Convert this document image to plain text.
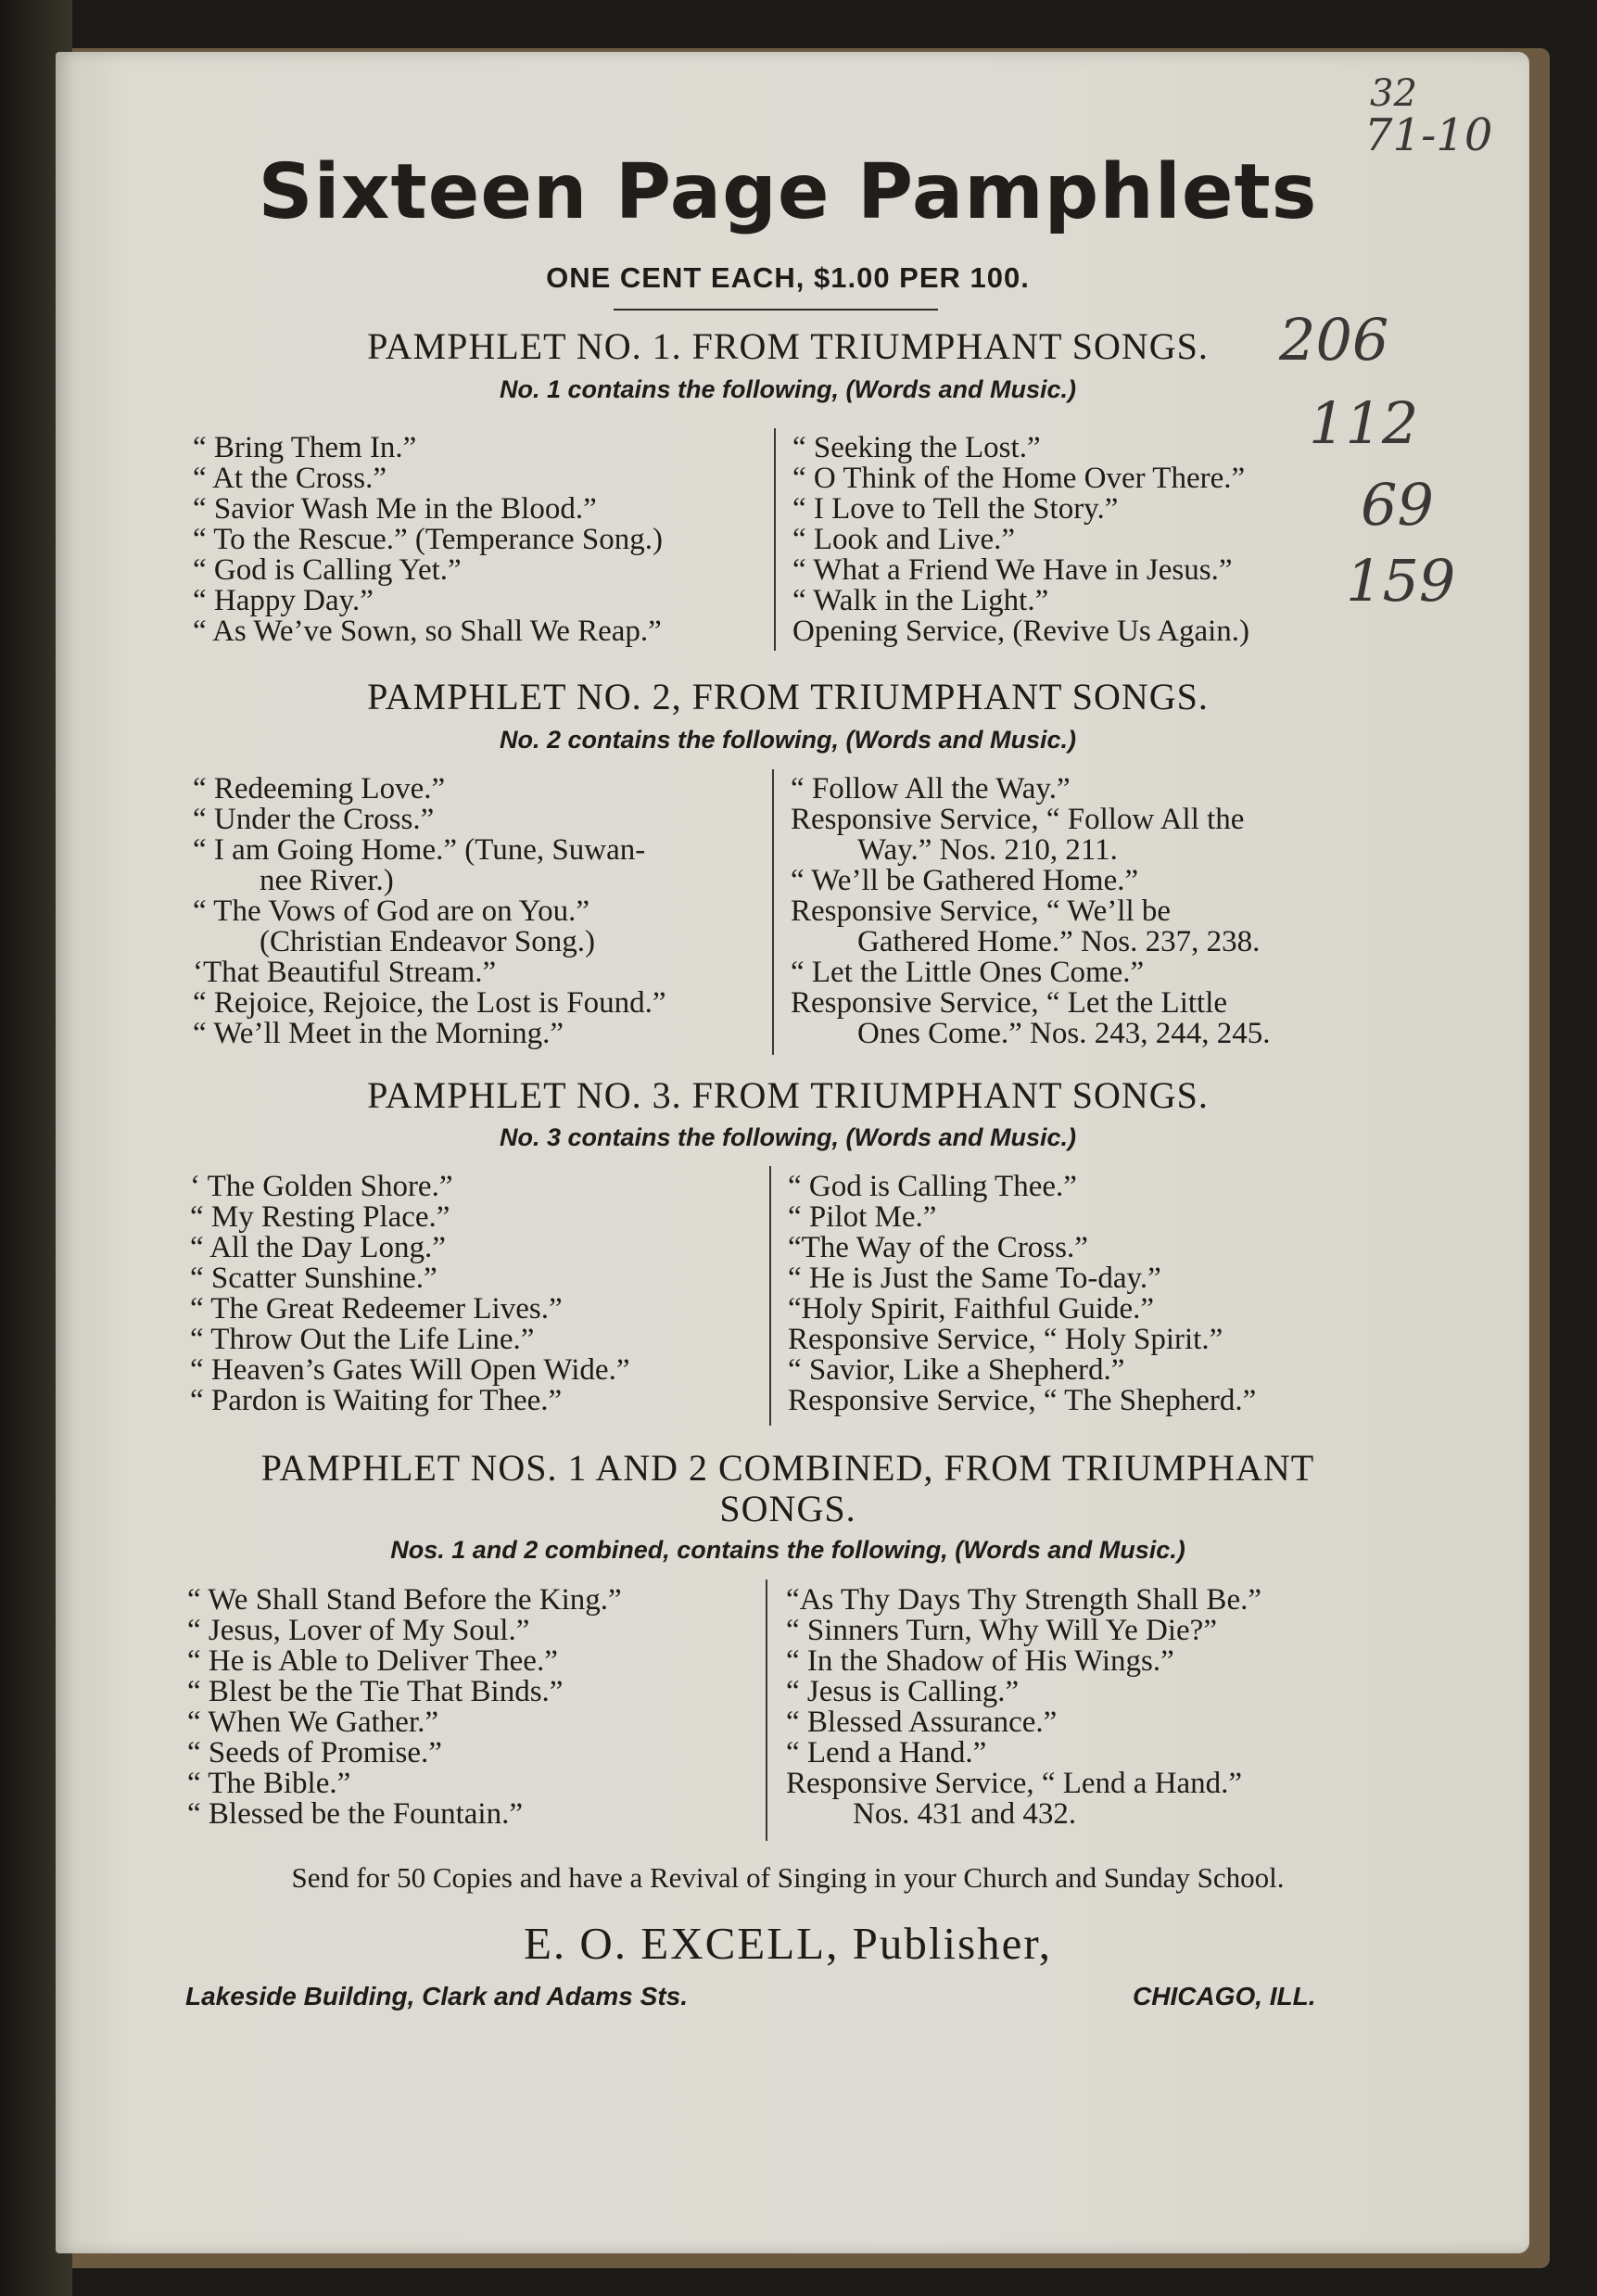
Sixteen Page Pamphlets
ONE CENT EACH, $1.00 PER 100.
PAMPHLET NO. 1. FROM TRIUMPHANT SONGS.
No. 1 contains the following, (Words and Music.)
“ Bring Them In.”
“ At the Cross.”
“ Savior Wash Me in the Blood.”
“ To the Rescue.” (Temperance Song.)
“ God is Calling Yet.”
“ Happy Day.”
“ As We’ve Sown, so Shall We Reap.”
“ Seeking the Lost.”
“ O Think of the Home Over There.”
“ I Love to Tell the Story.”
“ Look and Live.”
“ What a Friend We Have in Jesus.”
“ Walk in the Light.”
Opening Service, (Revive Us Again.)
PAMPHLET NO. 2, FROM TRIUMPHANT SONGS.
No. 2 contains the following, (Words and Music.)
“ Redeeming Love.”
“ Under the Cross.”
“ I am Going Home.” (Tune, Suwan-
nee River.)
“ The Vows of God are on You.”
(Christian Endeavor Song.)
‘That Beautiful Stream.”
“ Rejoice, Rejoice, the Lost is Found.”
“ We’ll Meet in the Morning.”
“ Follow All the Way.”
Responsive Service, “ Follow All the
Way.” Nos. 210, 211.
“ We’ll be Gathered Home.”
Responsive Service, “ We’ll be
Gathered Home.” Nos. 237, 238.
“ Let the Little Ones Come.”
Responsive Service, “ Let the Little
Ones Come.” Nos. 243, 244, 245.
PAMPHLET NO. 3. FROM TRIUMPHANT SONGS.
No. 3 contains the following, (Words and Music.)
‘ The Golden Shore.”
“ My Resting Place.”
“ All the Day Long.”
“ Scatter Sunshine.”
“ The Great Redeemer Lives.”
“ Throw Out the Life Line.”
“ Heaven’s Gates Will Open Wide.”
“ Pardon is Waiting for Thee.”
“ God is Calling Thee.”
“ Pilot Me.”
“The Way of the Cross.”
“ He is Just the Same To-day.”
“Holy Spirit, Faithful Guide.”
Responsive Service, “ Holy Spirit.”
“ Savior, Like a Shepherd.”
Responsive Service, “ The Shepherd.”
PAMPHLET NOS. 1 AND 2 COMBINED, FROM TRIUMPHANT
SONGS.
Nos. 1 and 2 combined, contains the following, (Words and Music.)
“ We Shall Stand Before the King.”
“ Jesus, Lover of My Soul.”
“ He is Able to Deliver Thee.”
“ Blest be the Tie That Binds.”
“ When We Gather.”
“ Seeds of Promise.”
“ The Bible.”
“ Blessed be the Fountain.”
“As Thy Days Thy Strength Shall Be.”
“ Sinners Turn, Why Will Ye Die?”
“ In the Shadow of His Wings.”
“ Jesus is Calling.”
“ Blessed Assurance.”
“ Lend a Hand.”
Responsive Service, “ Lend a Hand.”
Nos. 431 and 432.
Send for 50 Copies and have a Revival of Singing in your Church and Sunday School.
E. O. EXCELL, Publisher,
Lakeside Building, Clark and Adams Sts.	CHICAGO, ILL.
32
71-10
206
112
69
159
